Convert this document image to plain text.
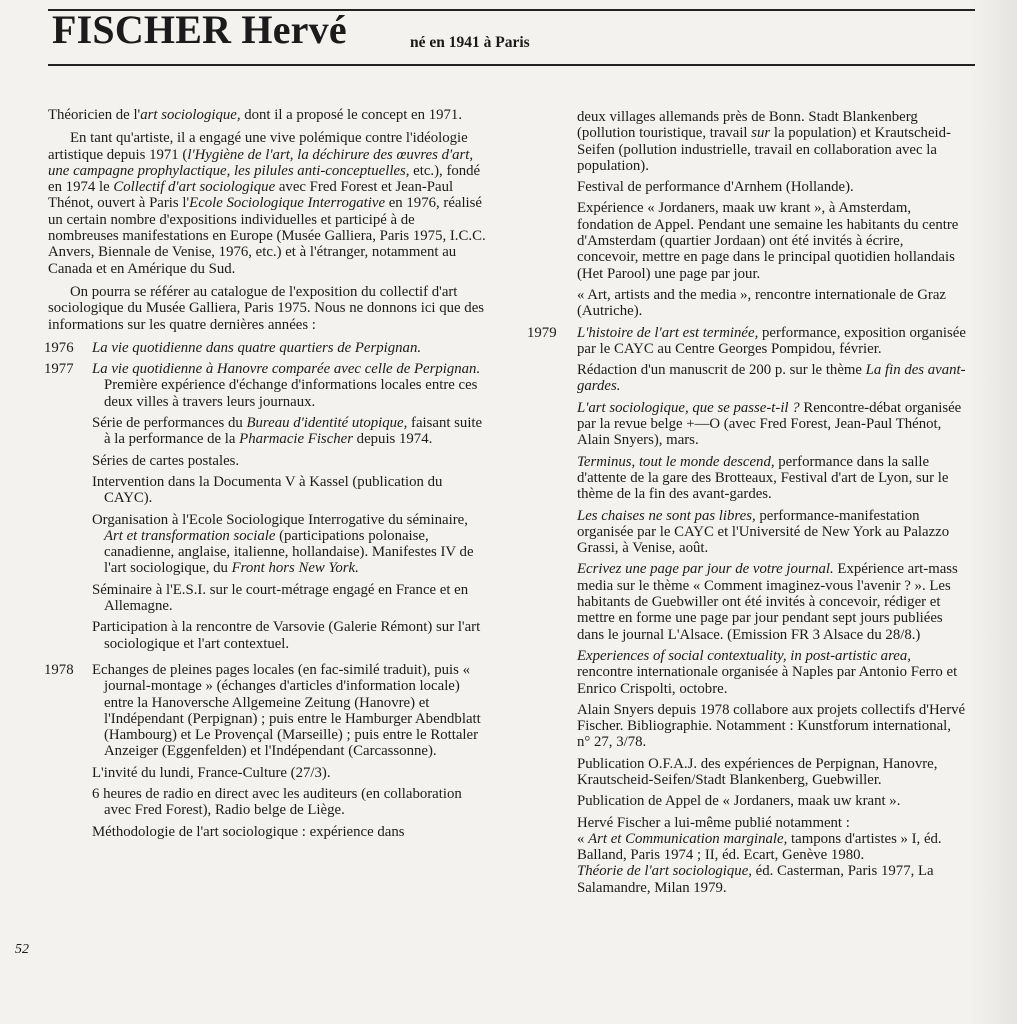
FISCHER Hervé	né en 1941 à Paris

Théoricien de l'art sociologique, dont il a proposé le concept en 1971.

En tant qu'artiste, il a engagé une vive polémique contre l'idéologie artistique depuis 1971 (l'Hygiène de l'art, la déchirure des œuvres d'art, une campagne prophylactique, les pilules anti-conceptuelles, etc.), fondé en 1974 le Collectif d'art sociologique avec Fred Forest et Jean-Paul Thénot, ouvert à Paris l'Ecole Sociologique Interrogative en 1976, réalisé un certain nombre d'expositions individuelles et participé à de nombreuses manifestations en Europe (Musée Galliera, Paris 1975, I.C.C. Anvers, Biennale de Venise, 1976, etc.) et à l'étranger, notamment au Canada et en Amérique du Sud.

On pourra se référer au catalogue de l'exposition du collectif d'art sociologique du Musée Galliera, Paris 1975. Nous ne donnons ici que des informations sur les quatre dernières années :

1976 La vie quotidienne dans quatre quartiers de Perpignan.

1977 La vie quotidienne à Hanovre comparée avec celle de Perpignan. Première expérience d'échange d'informations locales entre ces deux villes à travers leurs journaux.

Série de performances du Bureau d'identité utopique, faisant suite à la performance de la Pharmacie Fischer depuis 1974.

Séries de cartes postales.

Intervention dans la Documenta V à Kassel (publication du CAYC).

Organisation à l'Ecole Sociologique Interrogative du séminaire, Art et transformation sociale (participations polonaise, canadienne, anglaise, italienne, hollandaise). Manifestes IV de l'art sociologique, du Front hors New York.

Séminaire à l'E.S.I. sur le court-métrage engagé en France et en Allemagne.

Participation à la rencontre de Varsovie (Galerie Rémont) sur l'art sociologique et l'art contextuel.

1978 Echanges de pleines pages locales (en fac-similé traduit), puis « journal-montage » (échanges d'articles d'information locale) entre la Hanoversche Allgemeine Zeitung (Hanovre) et l'Indépendant (Perpignan) ; puis entre le Hamburger Abendblatt (Hambourg) et Le Provençal (Marseille) ; puis entre le Rottaler Anzeiger (Eggenfelden) et l'Indépendant (Carcassonne).

L'invité du lundi, France-Culture (27/3).

6 heures de radio en direct avec les auditeurs (en collaboration avec Fred Forest), Radio belge de Liège.

Méthodologie de l'art sociologique : expérience dans

deux villages allemands près de Bonn. Stadt Blankenberg (pollution touristique, travail sur la population) et Krautscheid-Seifen (pollution industrielle, travail en collaboration avec la population).

Festival de performance d'Arnhem (Hollande).

Expérience « Jordaners, maak uw krant », à Amsterdam, fondation de Appel. Pendant une semaine les habitants du centre d'Amsterdam (quartier Jordaan) ont été invités à écrire, concevoir, mettre en page dans le principal quotidien hollandais (Het Parool) une page par jour.

« Art, artists and the media », rencontre internationale de Graz (Autriche).

1979 L'histoire de l'art est terminée, performance, exposition organisée par le CAYC au Centre Georges Pompidou, février.

Rédaction d'un manuscrit de 200 p. sur le thème La fin des avant-gardes.

L'art sociologique, que se passe-t-il ? Rencontre-débat organisée par la revue belge +—O (avec Fred Forest, Jean-Paul Thénot, Alain Snyers), mars.

Terminus, tout le monde descend, performance dans la salle d'attente de la gare des Brotteaux, Festival d'art de Lyon, sur le thème de la fin des avant-gardes.

Les chaises ne sont pas libres, performance-manifestation organisée par le CAYC et l'Université de New York au Palazzo Grassi, à Venise, août.

Ecrivez une page par jour de votre journal. Expérience art-mass media sur le thème « Comment imaginez-vous l'avenir ? ». Les habitants de Guebwiller ont été invités à concevoir, rédiger et mettre en forme une page par jour pendant sept jours publiées dans le journal L'Alsace. (Emission FR 3 Alsace du 28/8.)

Experiences of social contextuality, in post-artistic area, rencontre internationale organisée à Naples par Antonio Ferro et Enrico Crispolti, octobre.

Alain Snyers depuis 1978 collabore aux projets collectifs d'Hervé Fischer. Bibliographie. Notamment : Kunstforum international, n° 27, 3/78.

Publication O.F.A.J. des expériences de Perpignan, Hanovre, Krautscheid-Seifen/Stadt Blankenberg, Guebwiller.

Publication de Appel de « Jordaners, maak uw krant ».

Hervé Fischer a lui-même publié notamment :
« Art et Communication marginale, tampons d'artistes » I, éd. Balland, Paris 1974 ; II, éd. Ecart, Genève 1980.
Théorie de l'art sociologique, éd. Casterman, Paris 1977, La Salamandre, Milan 1979.

52
